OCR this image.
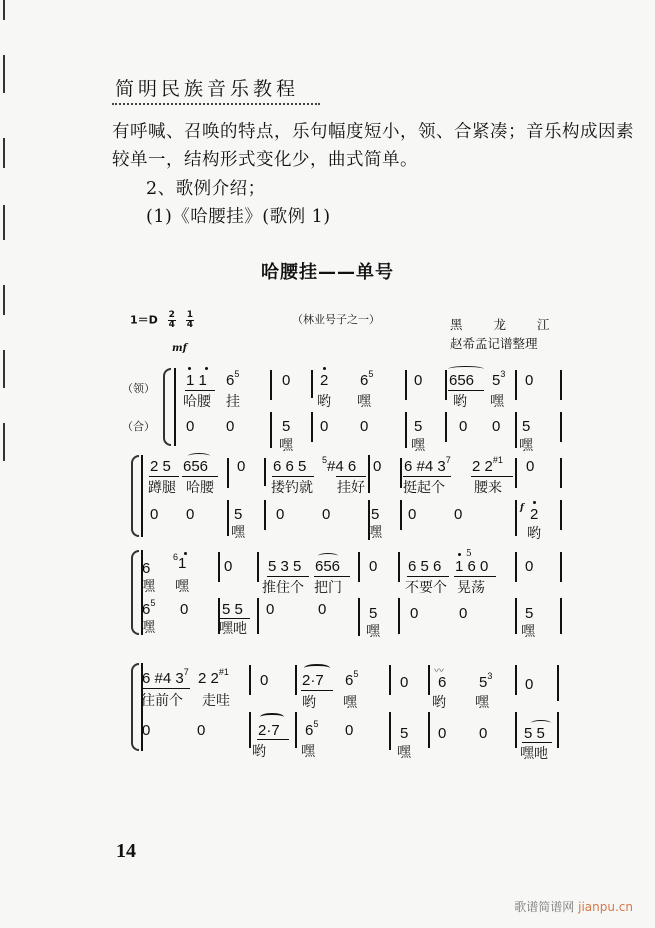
简明民族音乐教程
有呼喊、召唤的特点，乐句幅度短小，领、合紧凑；音乐构成因素
较单一，结构形式变化少，曲式简单。
2、歌例介绍；
(1)《哈腰挂》(歌例 1)
哈腰挂——单号
$1=D \frac{2}{4}$
$\frac{1}{4}$	（林业号子之一）	黑　　龙　　江
赵希孟记谱整理
mf
（领）
（合）
1 1
哈腰
$6^5$
挂
0 2
哟
$6^5$
嘿
0 656
哟
$5^3$
嘿
0
0 0	5
嘿
0 0	5
嘿
0 0 5
嘿
2 5
蹲腿
656
哈腰
0 6 6 5
搂钓就
$^5$#4 6
挂好
0 6 #4 $3^7$
挺起个
2 2$^{\#1}$
腰来
0
0 0	5
嘿
0	0	5
嘿
0	0	f 2
哟
6
嘿
$^6$1
嘿
0 5 3 5
推住个
656
把门
0 6 5 6
不要个
1 6 0
5
晃荡
0
$6^5$
嘿
0 5 5
嘿吔
0	0	5
嘿
0	0	5
嘿
6 #4 $3^7$
往前个
2 2$^{\#1}$
走哇
0 2·7
哟
$6^5$
嘿
0
〰
6
哟
$5^3$
嘿
0
0	0	2·7
哟
$6^5$
嘿
0	5
嘿
0 0 5 5
嘿吔
14
歌谱简谱网 jianpu.cn
